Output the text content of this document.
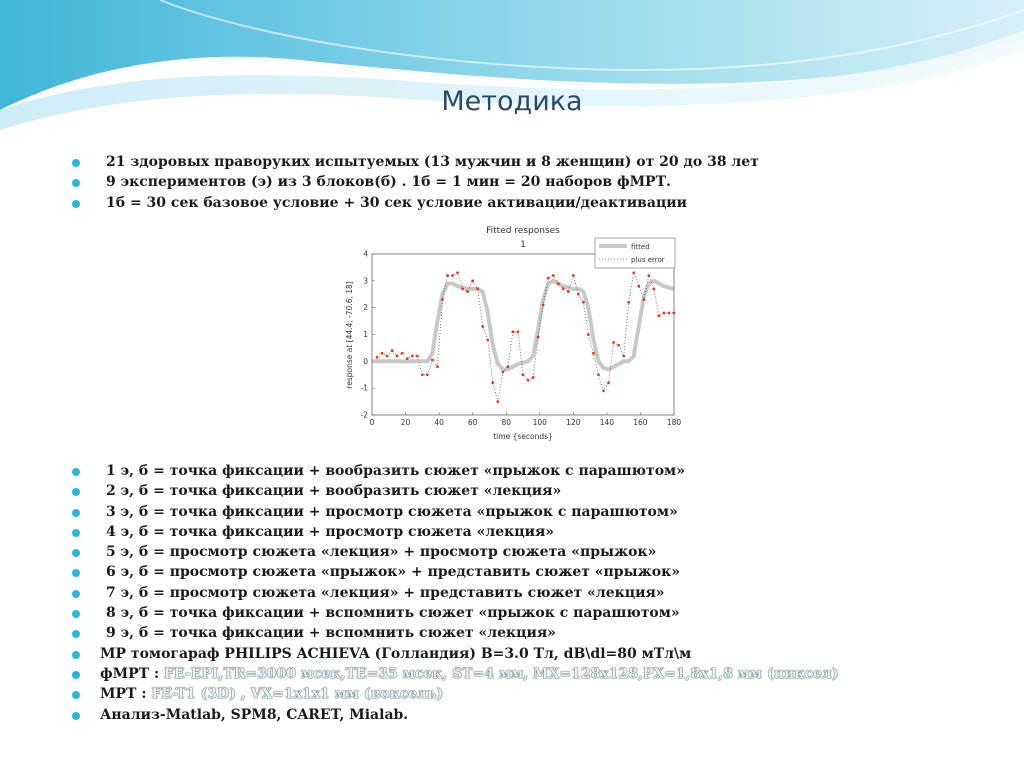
Методика
21 здоровых праворуких испытуемых (13 мужчин и 8 женщин) от 20 до 38 лет
9 экспериментов (э) из 3 блоков(б) . 1б = 1 мин = 20 наборов фМРТ.
1б = 30 сек базовое условие + 30 сек условие активации/деактивации
Fitted responses
1
response at [44.4, -70.6, 18]
time {seconds}
0	20	40	60	80	100	120	140	160	180
-2
-1
0
1
2
3
4
fitted
plus error
1 э, б = точка фиксации + вообразить сюжет «прыжок с парашютом»
2 э, б = точка фиксации + вообразить сюжет «лекция»
3 э, б = точка фиксации + просмотр сюжета «прыжок с парашютом»
4 э, б = точка фиксации + просмотр сюжета «лекция»
5 э, б = просмотр сюжета «лекция» + просмотр сюжета «прыжок»
6 э, б = просмотр сюжета «прыжок» + представить сюжет «прыжок»
7 э, б = просмотр сюжета «лекция» + представить сюжет «лекция»
8 э, б = точка фиксации + вспомнить сюжет «прыжок с парашютом»
9 э, б = точка фиксации + вспомнить сюжет «лекция»
МР томогараф PHILIPS ACHIEVA (Голландия) B=3.0 Тл, dB\dl=80 мТл\м
фМРТ : FE-EPI,TR=3000 мсек,TE=35 мсек, ST=4 мм, MX=128x128,PX=1,8x1,8 мм (пиксел)
МРТ : FE-T1 (3D) , VX=1x1x1 мм (воксель)
Анализ-Matlab, SPM8, CARET, Mialab.
